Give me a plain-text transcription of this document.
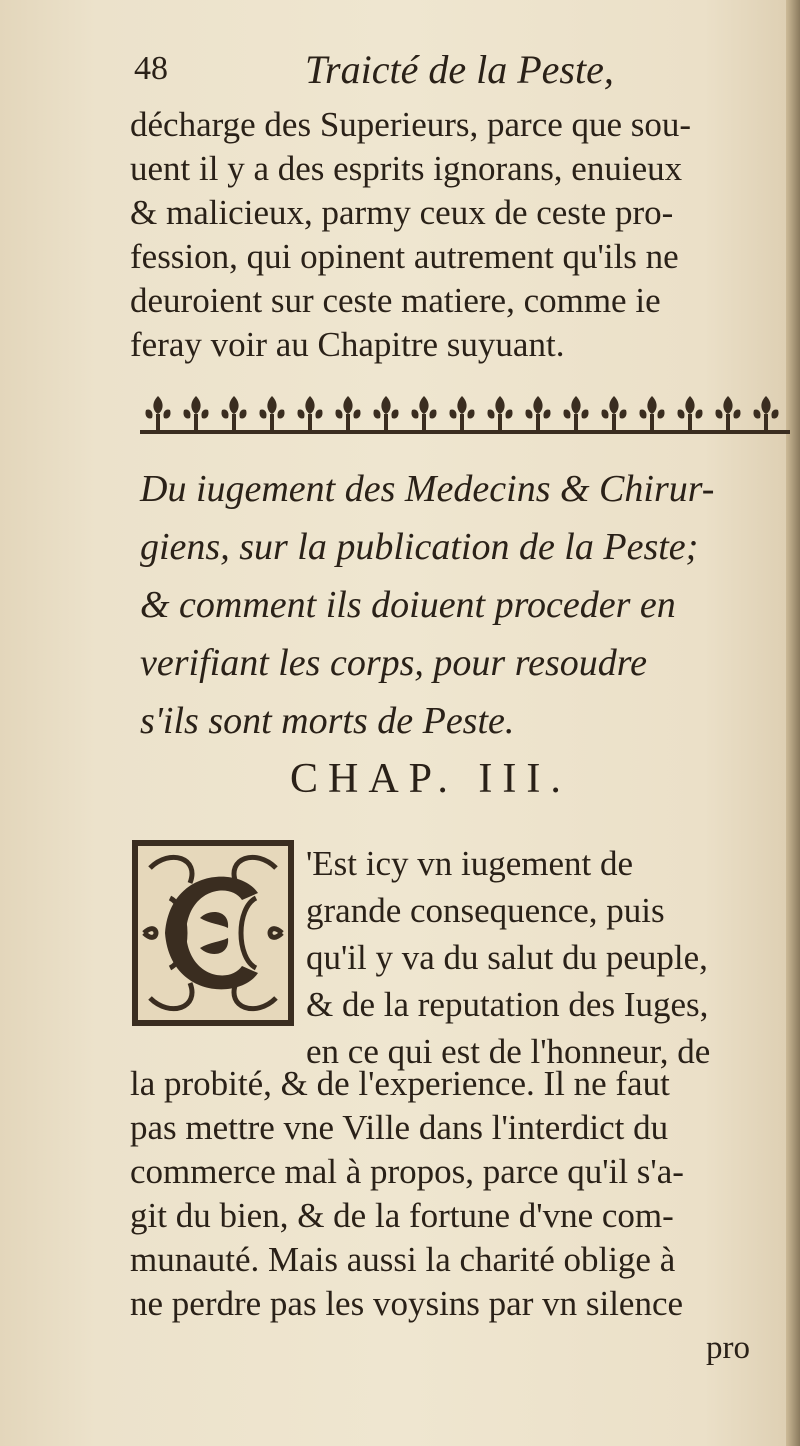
48	Traicté de la Peste,

décharge des Superieurs, parce que sou-

uent il y a des esprits ignorans, enuieux

& malicieux, parmy ceux de ceste pro-

fession, qui opinent autrement qu'ils ne

deuroient sur ceste matiere, comme ie

feray voir au Chapitre suyuant.

Du iugement des Medecins & Chirur-

giens, sur la publication de la Peste;

& comment ils doiuent proceder en

verifiant les corps, pour resoudre

s'ils sont morts de Peste.

CHAP. III.

'Est icy vn iugement de

grande consequence, puis

qu'il y va du salut du peuple,

& de la reputation des Iuges,

en ce qui est de l'honneur, de

la probité, & de l'experience. Il ne faut

pas mettre vne Ville dans l'interdict du

commerce mal à propos, parce qu'il s'a-

git du bien, & de la fortune d'vne com-

munauté. Mais aussi la charité oblige à

ne perdre pas les voysins par vn silence

pro
